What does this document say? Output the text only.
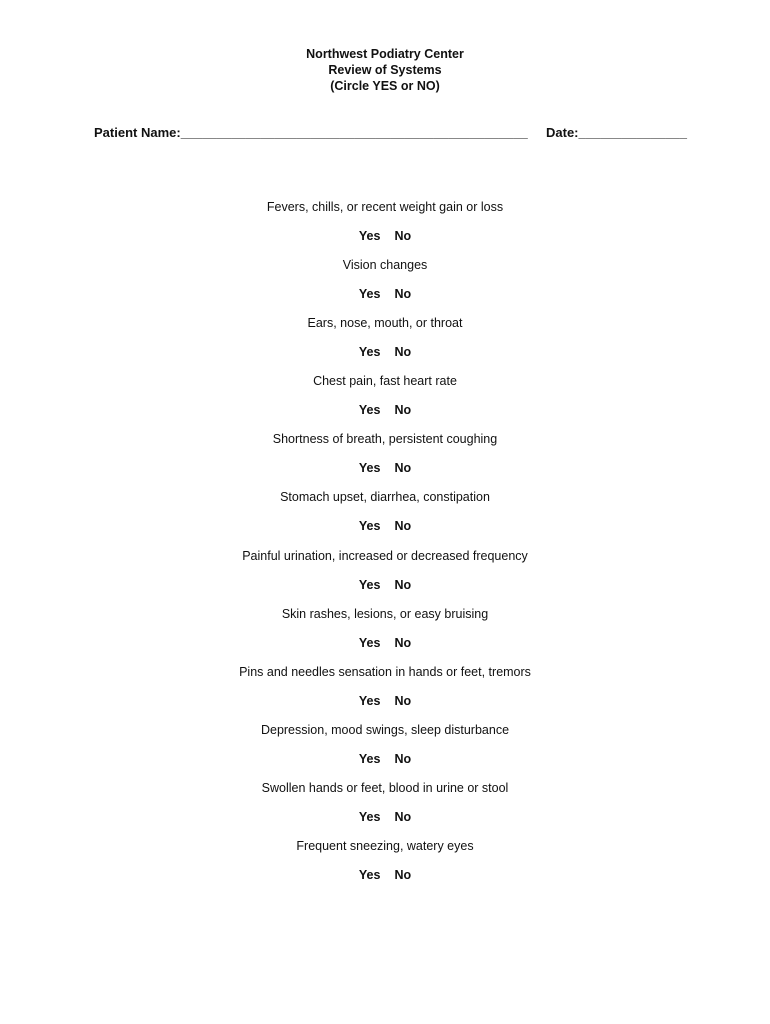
Northwest Podiatry Center
Review of Systems
(Circle YES or NO)
Patient Name:________________________________________________ Date:_______________
Fevers, chills, or recent weight gain or loss
Yes No
Vision changes
Yes No
Ears, nose, mouth, or throat
Yes No
Chest pain, fast heart rate
Yes No
Shortness of breath, persistent coughing
Yes No
Stomach upset, diarrhea, constipation
Yes No
Painful urination, increased or decreased frequency
Yes No
Skin rashes, lesions, or easy bruising
Yes No
Pins and needles sensation in hands or feet, tremors
Yes No
Depression, mood swings, sleep disturbance
Yes No
Swollen hands or feet, blood in urine or stool
Yes No
Frequent sneezing, watery eyes
Yes No
